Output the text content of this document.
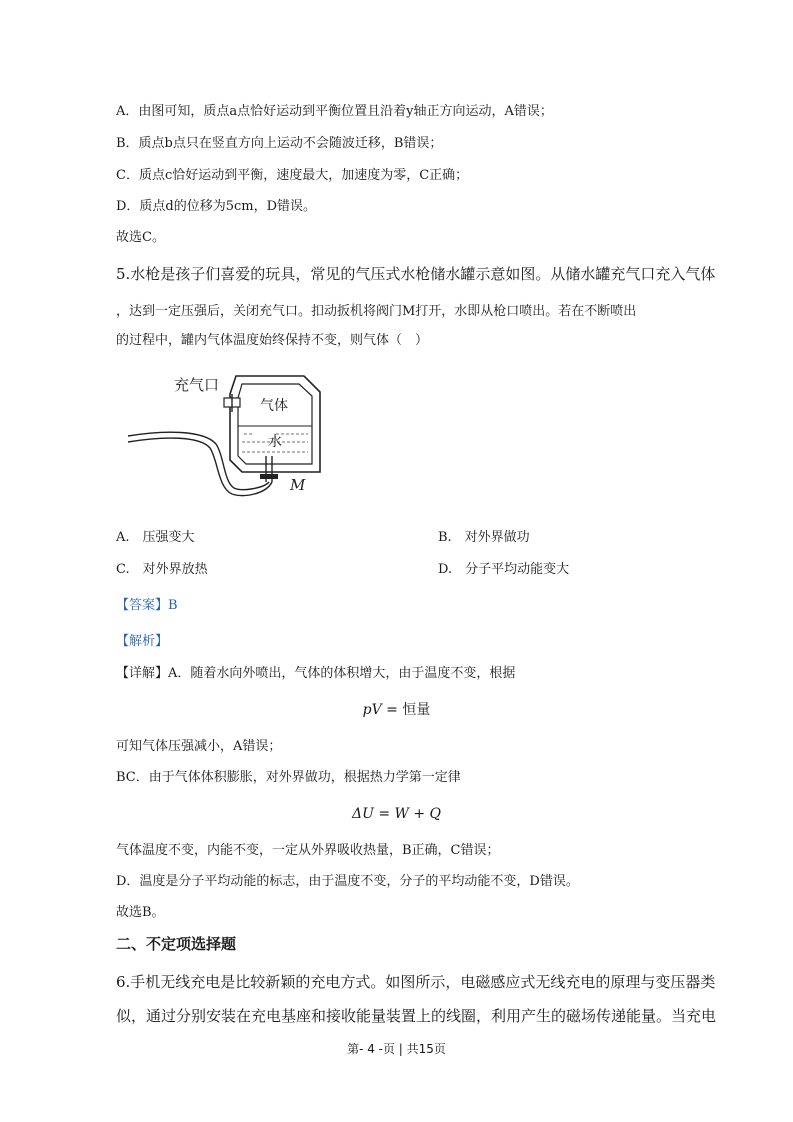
A．由图可知，质点a点恰好运动到平衡位置且沿着y轴正方向运动，A错误；
B．质点b点只在竖直方向上运动不会随波迁移，B错误；
C．质点c恰好运动到平衡，速度最大，加速度为零，C正确；
D．质点d的位移为5cm，D错误。
故选C。
5.水枪是孩子们喜爱的玩具，常见的气压式水枪储水罐示意如图。从储水罐充气口充入气体
，达到一定压强后，关闭充气口。扣动扳机将阀门M打开，水即从枪口喷出。若在不断喷出
的过程中，罐内气体温度始终保持不变，则气体（　）
充气口
气体
水
M
A.　压强变大	B.　对外界做功
C.　对外界放热	D.　分子平均动能变大
【答案】B
【解析】
【详解】A．随着水向外喷出，气体的体积增大，由于温度不变，根据
pV = 恒量
可知气体压强减小，A错误；
BC．由于气体体积膨胀，对外界做功，根据热力学第一定律
ΔU = W + Q
气体温度不变，内能不变，一定从外界吸收热量，B正确，C错误；
D．温度是分子平均动能的标志，由于温度不变，分子的平均动能不变，D错误。
故选B。
二、不定项选择题
6.手机无线充电是比较新颖的充电方式。如图所示，电磁感应式无线充电的原理与变压器类
似，通过分别安装在充电基座和接收能量装置上的线圈，利用产生的磁场传递能量。当充电
第- 4 -页 | 共15页
